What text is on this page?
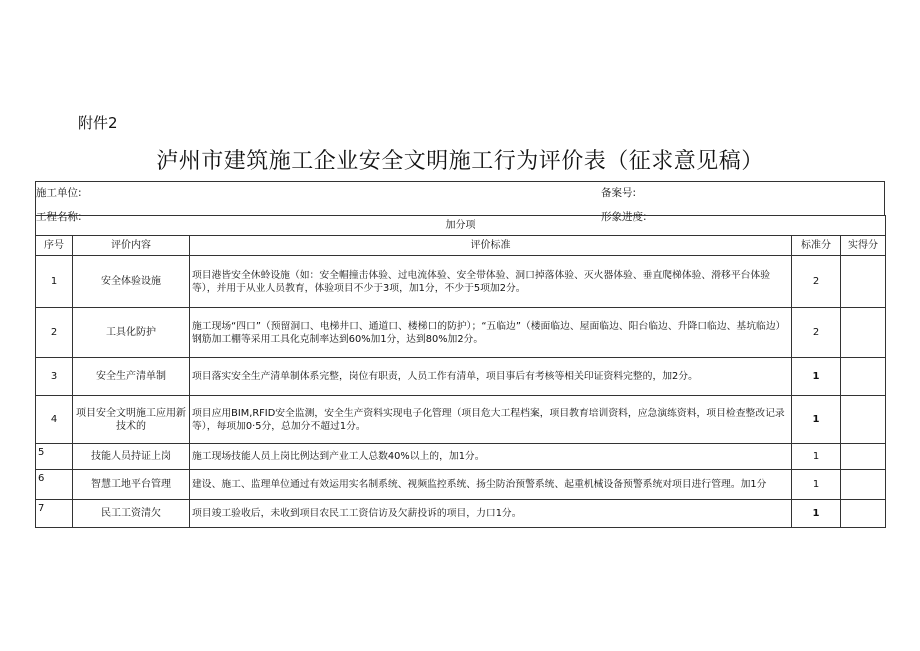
附件2
泸州市建筑施工企业安全文明施工行为评价表（征求意见稿）
施工单位:	备案号:
工程名称:	形象进度:
加分项				
序号	评价内容	评价标准	标准分	实得分
1	安全体验设施	项目港皆安全休蛉设施（如：安全帽撞击体验、过电流体验、安全带体验、洞口掉落体验、灭火器体验、垂直爬梯体验、滑移平台体验等），并用于从业人员教育，体验项目不少于3项，加1分，不少于5项加2分。	2	
2	工具化防护	施工现场“四口”（预留洞口、电梯井口、通道口、楼梯口的防护）；“五临边”（楼面临边、屋面临边、阳台临边、升降口临边、基坑临边）钢筋加工棚等采用工具化克制率达到60%加1分，达到80%加2分。	2	
3	安全生产清单制	项目落实安全生产清单制体系完整，岗位有职责，人员工作有清单，项目事后有考核等相关印证资料完整的，加2分。	1	
4	项目安全文明施工应用新技术的	项目应用BIM,RFID安全监测，安全生产资料实现电子化管理（项目危大工程档案，项目教育培训资料，应急演练资料，项目检查整改记录等），每项加0·5分，总加分不超过1分。	1	
5	技能人员持证上岗	施工现场技能人员上岗比例达到产业工人总数40%以上的，加1分。	1	
6	智慧工地平台管理	建设、施工、监理单位通过有效运用实名制系统、视频监控系统、扬尘防治预警系统、起重机械设备预警系统对项目进行管理。加1分	1	
7	民工工资清欠	项目竣工验收后，未收到项目农民工工资信访及欠薪投诉的项目，力口1分。	1	
